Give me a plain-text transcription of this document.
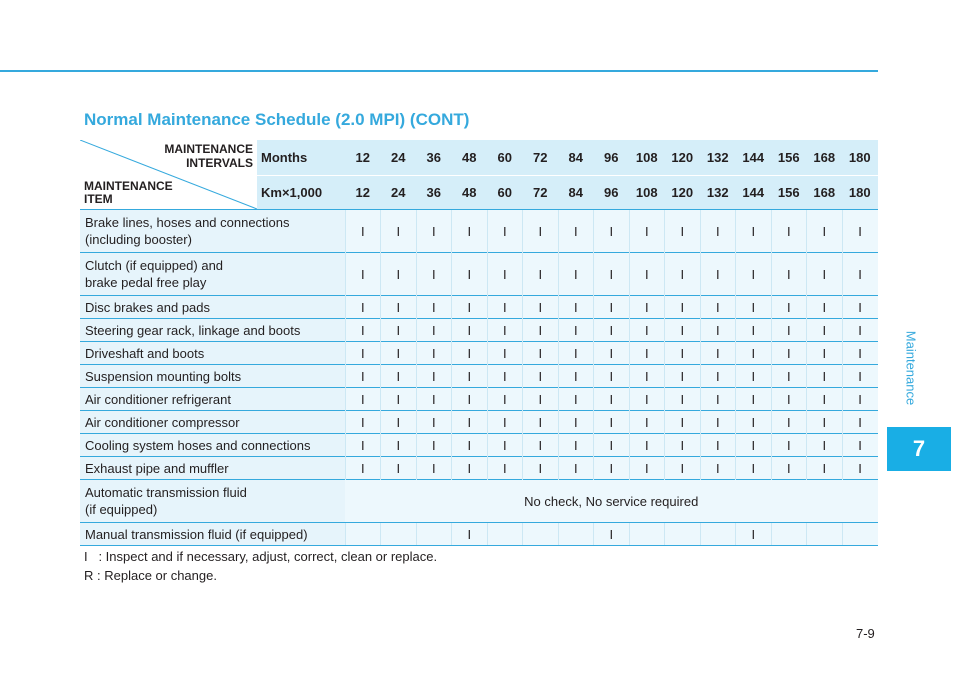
Maintenance
7
Normal Maintenance Schedule (2.0 MPI) (CONT)
MAINTENANCE
INTERVALS
MAINTENANCE
ITEM	Months	12	24	36	48	60	72	84	96	108	120	132	144	156	168	180
	Km×1,000	12	24	36	48	60	72	84	96	108	120	132	144	156	168	180

Brake lines, hoses and connections
(including booster)		I	I	I	I	I	I	I	I	I	I	I	I	I	I	I

Clutch (if equipped) and
brake pedal free play		I	I	I	I	I	I	I	I	I	I	I	I	I	I	I

Disc brakes and pads		I	I	I	I	I	I	I	I	I	I	I	I	I	I	I

Steering gear rack, linkage and boots		I	I	I	I	I	I	I	I	I	I	I	I	I	I	I

Driveshaft and boots		I	I	I	I	I	I	I	I	I	I	I	I	I	I	I

Suspension mounting bolts		I	I	I	I	I	I	I	I	I	I	I	I	I	I	I

Air conditioner refrigerant		I	I	I	I	I	I	I	I	I	I	I	I	I	I	I

Air conditioner compressor		I	I	I	I	I	I	I	I	I	I	I	I	I	I	I

Cooling system hoses and connections		I	I	I	I	I	I	I	I	I	I	I	I	I	I	I

Exhaust pipe and muffler		I	I	I	I	I	I	I	I	I	I	I	I	I	I	I

Automatic transmission fluid
(if equipped)		No check, No service required														

Manual transmission fluid (if equipped)					I				I				I			
I   : Inspect and if necessary, adjust, correct, clean or replace.
R : Replace or change.
7-9
